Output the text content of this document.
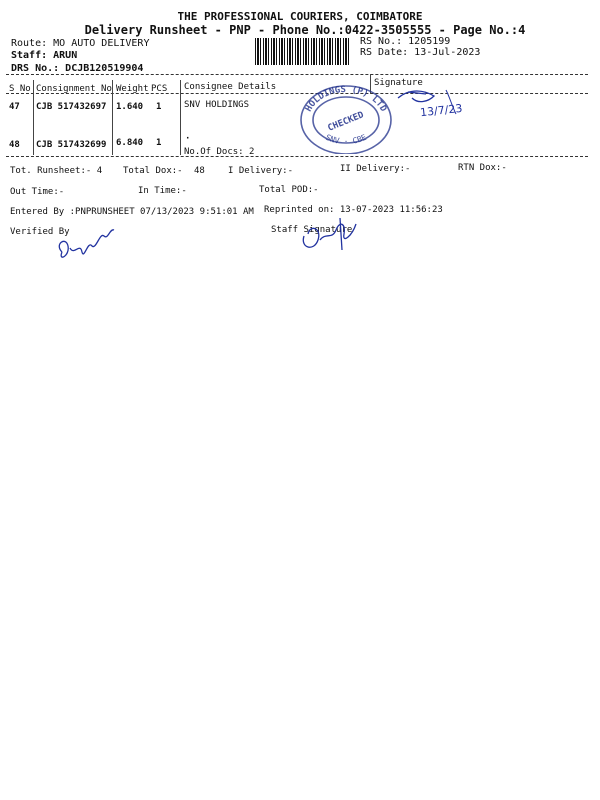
THE PROFESSIONAL COURIERS, COIMBATORE
Delivery Runsheet - PNP - Phone No.:0422-3505555 - Page No.:4
Route: MO AUTO DELIVERY
Staff: ARUN
DRS No.: DCJB120519904
RS No.: 1205199
RS Date: 13-Jul-2023
S No Consignment No Weight PCS Consignee Details	Signature
47 CJB 517432697 1.640 1	SNV HOLDINGS
48 CJB 517432699 6.840 1	·
No.Of Docs: 2
HOLDINGS (P) LTD
SNV · CBE
CHECKED	13/7/23
Tot. Runsheet:- 4 Total Dox:- 48	I Delivery:-	II Delivery:-	RTN Dox:-
Out Time:-	In Time:-	Total POD:-
Entered By :PNPRUNSHEET 07/13/2023 9:51:01 AM Reprinted on: 13-07-2023 11:56:23
Verified By	Staff Signature
